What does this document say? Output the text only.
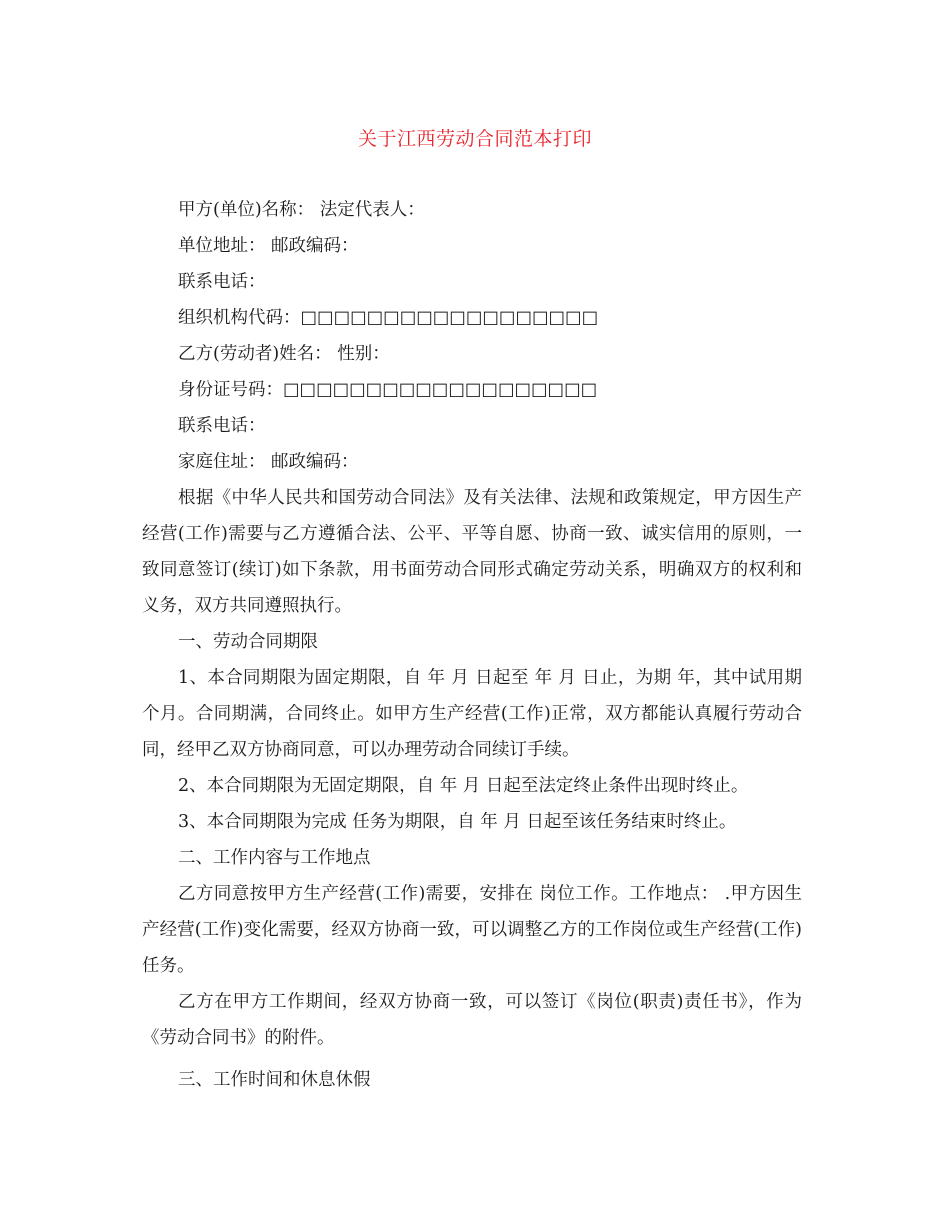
关于江西劳动合同范本打印
甲方(单位)名称： 法定代表人：
单位地址： 邮政编码：
联系电话：
组织机构代码：□□□□□□□□□□□□□□□□□□
乙方(劳动者)姓名： 性别：
身份证号码：□□□□□□□□□□□□□□□□□□□
联系电话：
家庭住址： 邮政编码：

根据《中华人民共和国劳动合同法》及有关法律、法规和政策规定，甲方因生产经营(工作)需要与乙方遵循合法、公平、平等自愿、协商一致、诚实信用的原则，一致同意签订(续订)如下条款，用书面劳动合同形式确定劳动关系，明确双方的权利和义务，双方共同遵照执行。

一、劳动合同期限

1、本合同期限为固定期限，自 年 月 日起至 年 月 日止，为期 年，其中试用期 个月。合同期满，合同终止。如甲方生产经营(工作)正常，双方都能认真履行劳动合同，经甲乙双方协商同意，可以办理劳动合同续订手续。

2、本合同期限为无固定期限，自 年 月 日起至法定终止条件出现时终止。

3、本合同期限为完成 任务为期限，自 年 月 日起至该任务结束时终止。

二、工作内容与工作地点

乙方同意按甲方生产经营(工作)需要，安排在 岗位工作。工作地点： .甲方因生产经营(工作)变化需要，经双方协商一致，可以调整乙方的工作岗位或生产经营(工作)任务。

乙方在甲方工作期间，经双方协商一致，可以签订《岗位(职责)责任书》，作为《劳动合同书》的附件。

三、工作时间和休息休假
